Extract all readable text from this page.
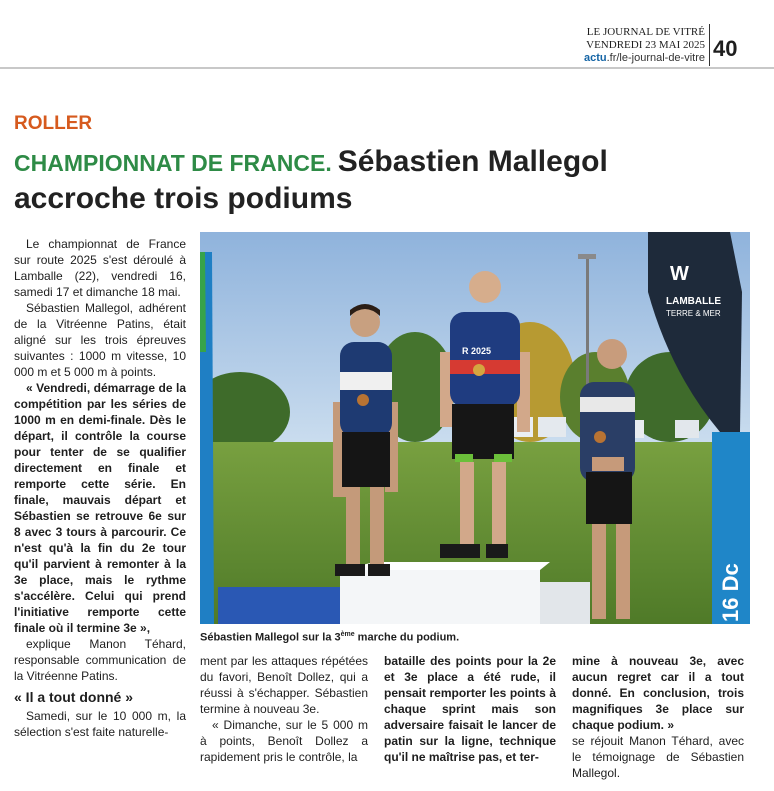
LE JOURNAL DE VITRÉ
VENDREDI 23 MAI 2025
actu.fr/le-journal-de-vitre 40
ROLLER
CHAMPIONNAT DE FRANCE. Sébastien Mallegol accroche trois podiums

Le championnat de France sur route 2025 s'est déroulé à Lamballe (22), vendredi 16, samedi 17 et dimanche 18 mai.

Sébastien Mallegol, adhérent de la Vitréenne Patins, était aligné sur les trois épreuves suivantes : 1000 m vitesse, 10 000 m et 5 000 m à points.

« Vendredi, démarrage de la compétition par les séries de 1000 m en demi-finale. Dès le départ, il contrôle la course pour tenter de se qualifier directement en finale et remporte cette série. En finale, mauvais départ et Sébastien se retrouve 6e sur 8 avec 3 tours à parcourir. Ce n'est qu'à la fin du 2e tour qu'il parvient à remonter à la 3e place, mais le rythme s'accélère. Celui qui prend l'initiative remporte cette finale où il termine 3e »,

explique Manon Téhard, responsable communication de la Vitréenne Patins.

« Il a tout donné »

Samedi, sur le 10 000 m, la sélection s'est faite naturelle-

W
LAMBALLE
TERRE & MER
16 Dc
R 2025
Sébastien Mallegol sur la 3ème marche du podium.

ment par les attaques répétées du favori, Benoît Dollez, qui a réussi à s'échapper. Sébastien termine à nouveau 3e.

« Dimanche, sur le 5 000 m à points, Benoît Dollez a rapidement pris le contrôle, la

bataille des points pour la 2e et 3e place a été rude, il pensait remporter les points à chaque sprint mais son adversaire faisait le lancer de patin sur la ligne, technique qu'il ne maîtrise pas, et ter-

mine à nouveau 3e, avec aucun regret car il a tout donné. En conclusion, trois magnifiques 3e place sur chaque podium. »

se réjouit Manon Téhard, avec le témoignage de Sébastien Mallegol.
